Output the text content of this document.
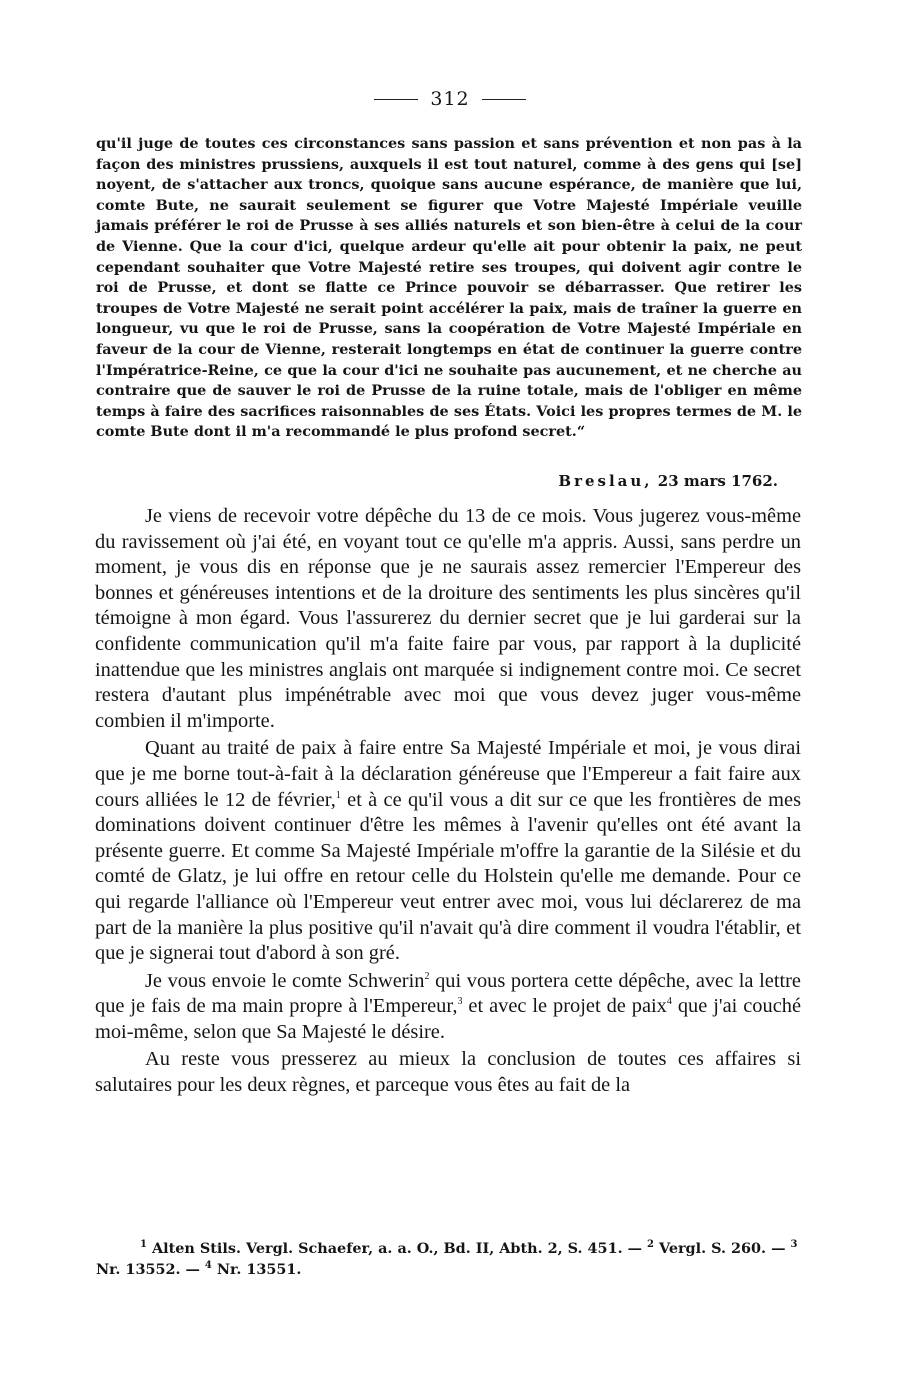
312

qu'il juge de toutes ces circonstances sans passion et sans prévention et non pas à la façon des ministres prussiens, auxquels il est tout naturel, comme à des gens qui [se] noyent, de s'attacher aux troncs, quoique sans aucune espérance, de manière que lui, comte Bute, ne saurait seulement se figurer que Votre Majesté Impériale veuille jamais préférer le roi de Prusse à ses alliés naturels et son bien-être à celui de la cour de Vienne. Que la cour d'ici, quelque ardeur qu'elle ait pour obtenir la paix, ne peut cependant souhaiter que Votre Majesté retire ses troupes, qui doivent agir contre le roi de Prusse, et dont se flatte ce Prince pouvoir se débarrasser. Que retirer les troupes de Votre Majesté ne serait point accélérer la paix, mais de traîner la guerre en longueur, vu que le roi de Prusse, sans la coopération de Votre Majesté Impériale en faveur de la cour de Vienne, resterait longtemps en état de continuer la guerre contre l'Impératrice-Reine, ce que la cour d'ici ne souhaite pas aucunement, et ne cherche au contraire que de sauver le roi de Prusse de la ruine totale, mais de l'obliger en même temps à faire des sacrifices raisonnables de ses États. Voici les propres termes de M. le comte Bute dont il m'a recommandé le plus profond secret.“

Breslau, 23 mars 1762.

Je viens de recevoir votre dépêche du 13 de ce mois. Vous jugerez vous-même du ravissement où j'ai été, en voyant tout ce qu'elle m'a appris. Aussi, sans perdre un moment, je vous dis en réponse que je ne saurais assez remercier l'Empereur des bonnes et généreuses intentions et de la droiture des sentiments les plus sincères qu'il témoigne à mon égard. Vous l'assurerez du dernier secret que je lui garderai sur la confidente communication qu'il m'a faite faire par vous, par rapport à la duplicité inattendue que les ministres anglais ont marquée si indignement contre moi. Ce secret restera d'autant plus impénétrable avec moi que vous devez juger vous-même combien il m'importe.

Quant au traité de paix à faire entre Sa Majesté Impériale et moi, je vous dirai que je me borne tout-à-fait à la déclaration généreuse que l'Empereur a fait faire aux cours alliées le 12 de février,$^1$ et à ce qu'il vous a dit sur ce que les frontières de mes dominations doivent continuer d'être les mêmes à l'avenir qu'elles ont été avant la présente guerre. Et comme Sa Majesté Impériale m'offre la garantie de la Silésie et du comté de Glatz, je lui offre en retour celle du Holstein qu'elle me demande. Pour ce qui regarde l'alliance où l'Empereur veut entrer avec moi, vous lui déclarerez de ma part de la manière la plus positive qu'il n'avait qu'à dire comment il voudra l'établir, et que je signerai tout d'abord à son gré.

Je vous envoie le comte Schwerin$^2$ qui vous portera cette dépêche, avec la lettre que je fais de ma main propre à l'Empereur,$^3$ et avec le projet de paix$^4$ que j'ai couché moi-même, selon que Sa Majesté le désire.

Au reste vous presserez au mieux la conclusion de toutes ces affaires si salutaires pour les deux règnes, et parceque vous êtes au fait de la

$^1$ Alten Stils. Vergl. Schaefer, a. a. O., Bd. II, Abth. 2, S. 451. — $^2$ Vergl. S. 260. — $^3$ Nr. 13552. — $^4$ Nr. 13551.
